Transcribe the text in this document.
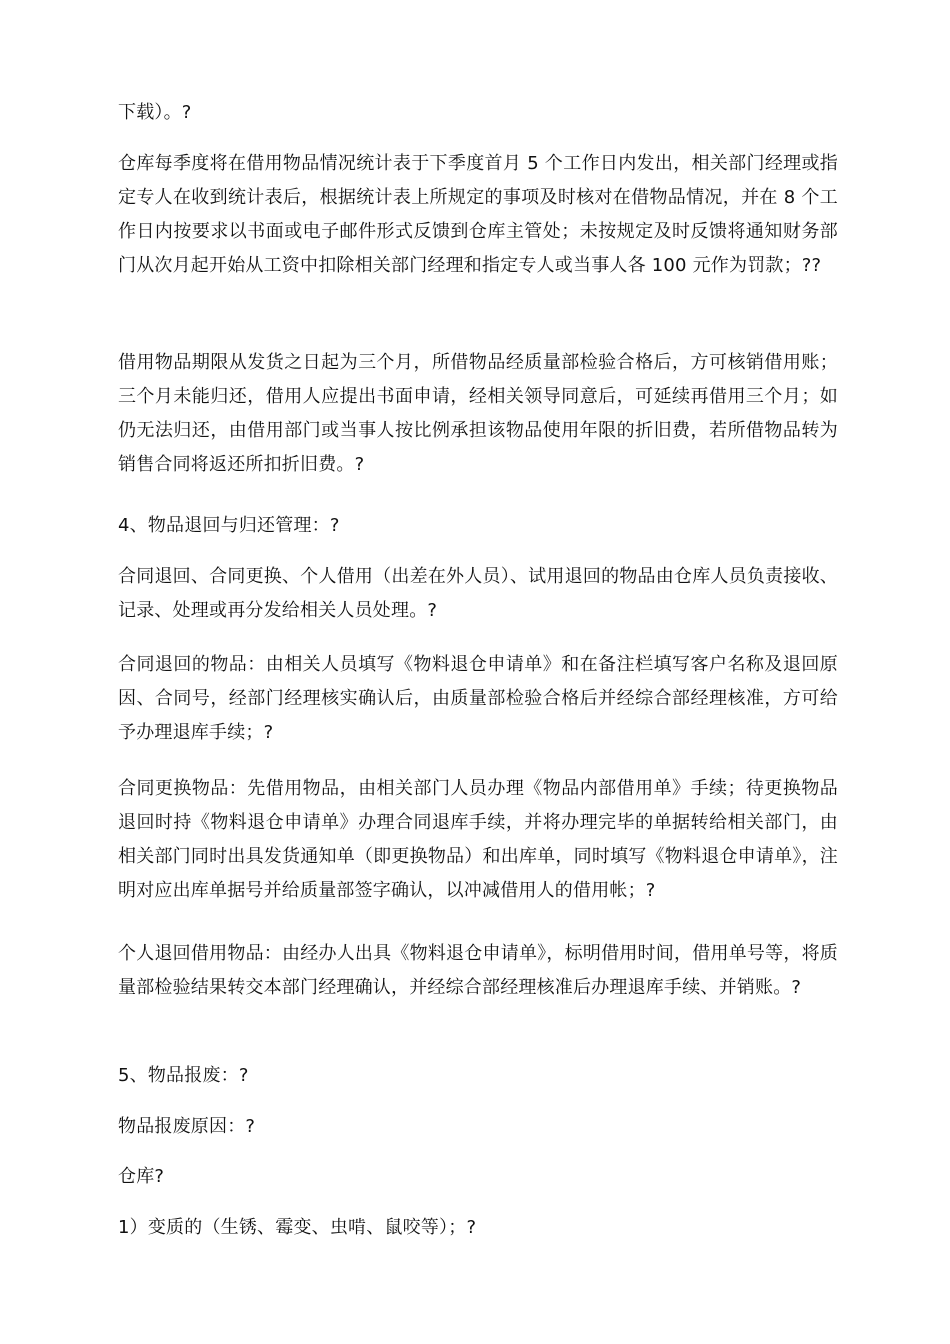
下载）。?

仓库每季度将在借用物品情况统计表于下季度首月 5 个工作日内发出，相关部门经理或指定专人在收到统计表后，根据统计表上所规定的事项及时核对在借物品情况，并在 8 个工作日内按要求以书面或电子邮件形式反馈到仓库主管处；未按规定及时反馈将通知财务部门从次月起开始从工资中扣除相关部门经理和指定专人或当事人各 100 元作为罚款；??

借用物品期限从发货之日起为三个月，所借物品经质量部检验合格后，方可核销借用账；三个月未能归还，借用人应提出书面申请，经相关领导同意后，可延续再借用三个月；如仍无法归还，由借用部门或当事人按比例承担该物品使用年限的折旧费，若所借物品转为销售合同将返还所扣折旧费。?

4、物品退回与归还管理：?

合同退回、合同更换、个人借用（出差在外人员）、试用退回的物品由仓库人员负责接收、记录、处理或再分发给相关人员处理。?

合同退回的物品：由相关人员填写《物料退仓申请单》和在备注栏填写客户名称及退回原因、合同号，经部门经理核实确认后，由质量部检验合格后并经综合部经理核准，方可给予办理退库手续；?

合同更换物品：先借用物品，由相关部门人员办理《物品内部借用单》手续；待更换物品退回时持《物料退仓申请单》办理合同退库手续，并将办理完毕的单据转给相关部门，由相关部门同时出具发货通知单（即更换物品）和出库单，同时填写《物料退仓申请单》，注明对应出库单据号并给质量部签字确认，以冲减借用人的借用帐；?

个人退回借用物品：由经办人出具《物料退仓申请单》，标明借用时间，借用单号等，将质量部检验结果转交本部门经理确认，并经综合部经理核准后办理退库手续、并销账。?

5、物品报废：?

物品报废原因：?

仓库?

1）变质的（生锈、霉变、虫啃、鼠咬等）；?
